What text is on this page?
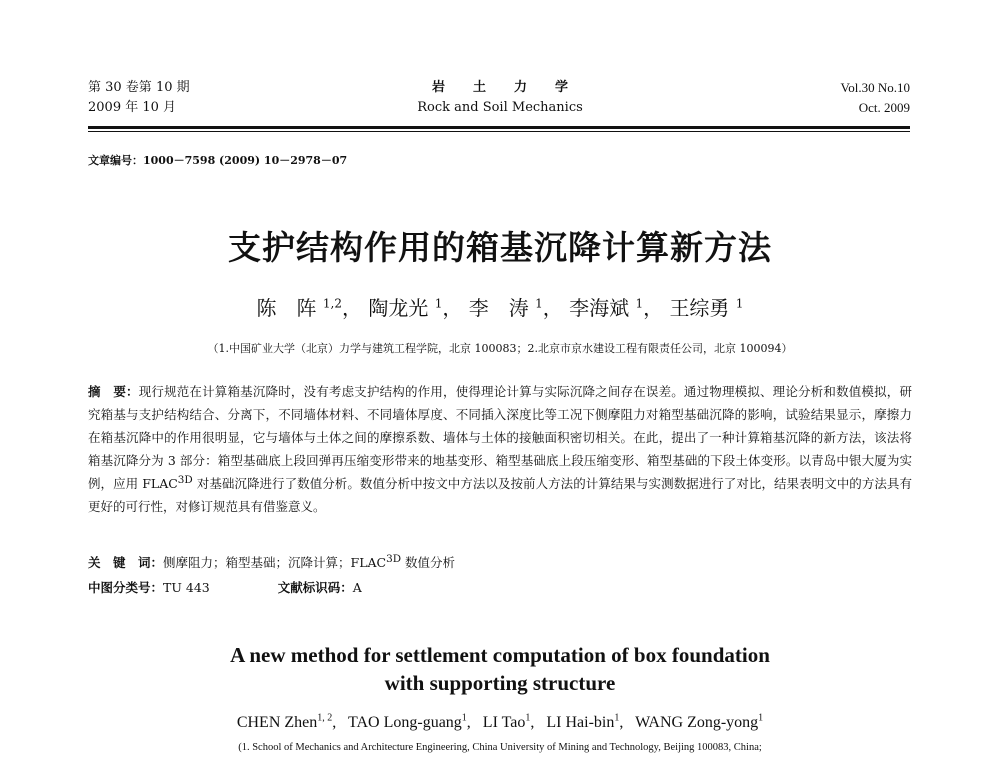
第 30 卷第 10 期
2009 年 10 月
岩土力学
Rock and Soil Mechanics
Vol.30 No.10
Oct. 2009
文章编号：1000－7598 (2009) 10－2978－07
支护结构作用的箱基沉降计算新方法
陈　阵 $^{1,2}$， 陶龙光 $^1$， 李　涛 $^1$， 李海斌 $^1$， 王综勇 $^1$
（1.中国矿业大学（北京）力学与建筑工程学院，北京 100083；2.北京市京水建设工程有限责任公司，北京 100094）
摘　要：现行规范在计算箱基沉降时，没有考虑支护结构的作用，使得理论计算与实际沉降之间存在误差。通过物理模拟、理论分析和数值模拟，研究箱基与支护结构结合、分离下，不同墙体材料、不同墙体厚度、不同插入深度比等工况下侧摩阻力对箱型基础沉降的影响，试验结果显示，摩擦力在箱基沉降中的作用很明显，它与墙体与土体之间的摩擦系数、墙体与土体的接触面积密切相关。在此，提出了一种计算箱基沉降的新方法，该法将箱基沉降分为 3 部分：箱型基础底上段回弹再压缩变形带来的地基变形、箱型基础底上段压缩变形、箱型基础的下段土体变形。以青岛中银大厦为实例，应用 $FLAC^{3D}$ 对基础沉降进行了数值分析。数值分析中按文中方法以及按前人方法的计算结果与实测数据进行了对比，结果表明文中的方法具有更好的可行性，对修订规范具有借鉴意义。
关　键　词：侧摩阻力；箱型基础；沉降计算；$FLAC^{3D}$ 数值分析
中图分类号：TU 443	文献标识码：A
A new method for settlement computation of box foundation
with supporting structure
CHEN Zhen$^{1, 2}$,   TAO Long-guang$^1$,   LI Tao$^1$,   LI Hai-bin$^1$,   WANG Zong-yong$^1$
(1. School of Mechanics and Architecture Engineering, China University of Mining and Technology, Beijing 100083, China;
